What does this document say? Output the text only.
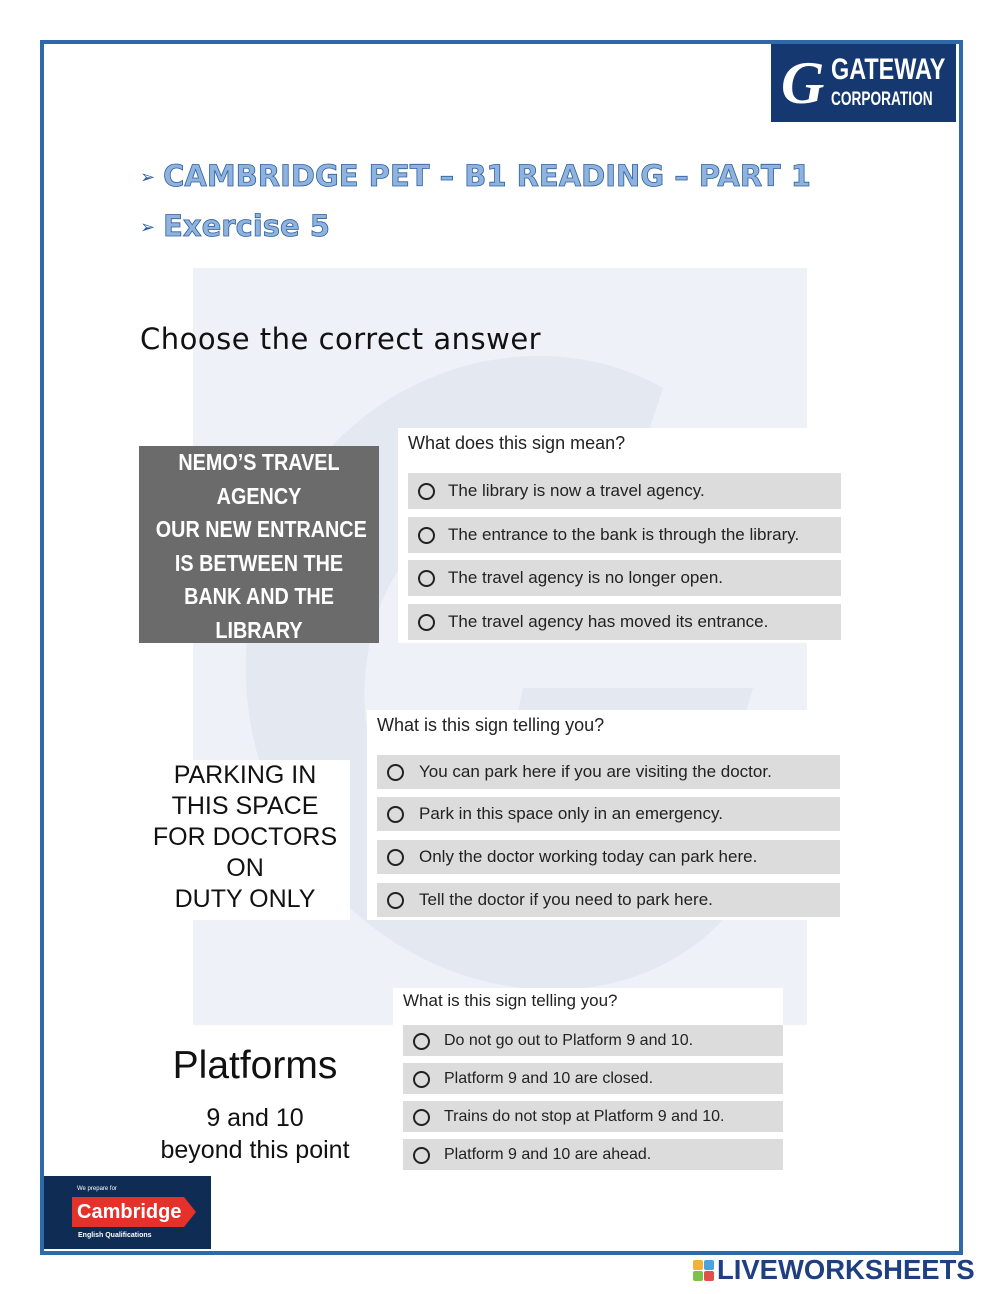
G GATEWAY
CORPORATION
➢ CAMBRIDGE PET – B1 READING – PART 1
➢ Exercise 5
Choose the correct answer
NEMO’S TRAVEL
AGENCY
OUR NEW ENTRANCE
IS BETWEEN THE
BANK AND THE
LIBRARY
What does this sign mean?
The library is now a travel agency.
The entrance to the bank is through the library.
The travel agency is no longer open.
The travel agency has moved its entrance.
PARKING IN
THIS SPACE
FOR DOCTORS
ON
DUTY ONLY
What is this sign telling you?
You can park here if you are visiting the doctor.
Park in this space only in an emergency.
Only the doctor working today can park here.
Tell the doctor if you need to park here.
Platforms
9 and 10
beyond this point
What is this sign telling you?
Do not go out to Platform 9 and 10.
Platform 9 and 10 are closed.
Trains do not stop at Platform 9 and 10.
Platform 9 and 10 are ahead.
We prepare for
Cambridge
English Qualifications
LIVEWORKSHEETS
